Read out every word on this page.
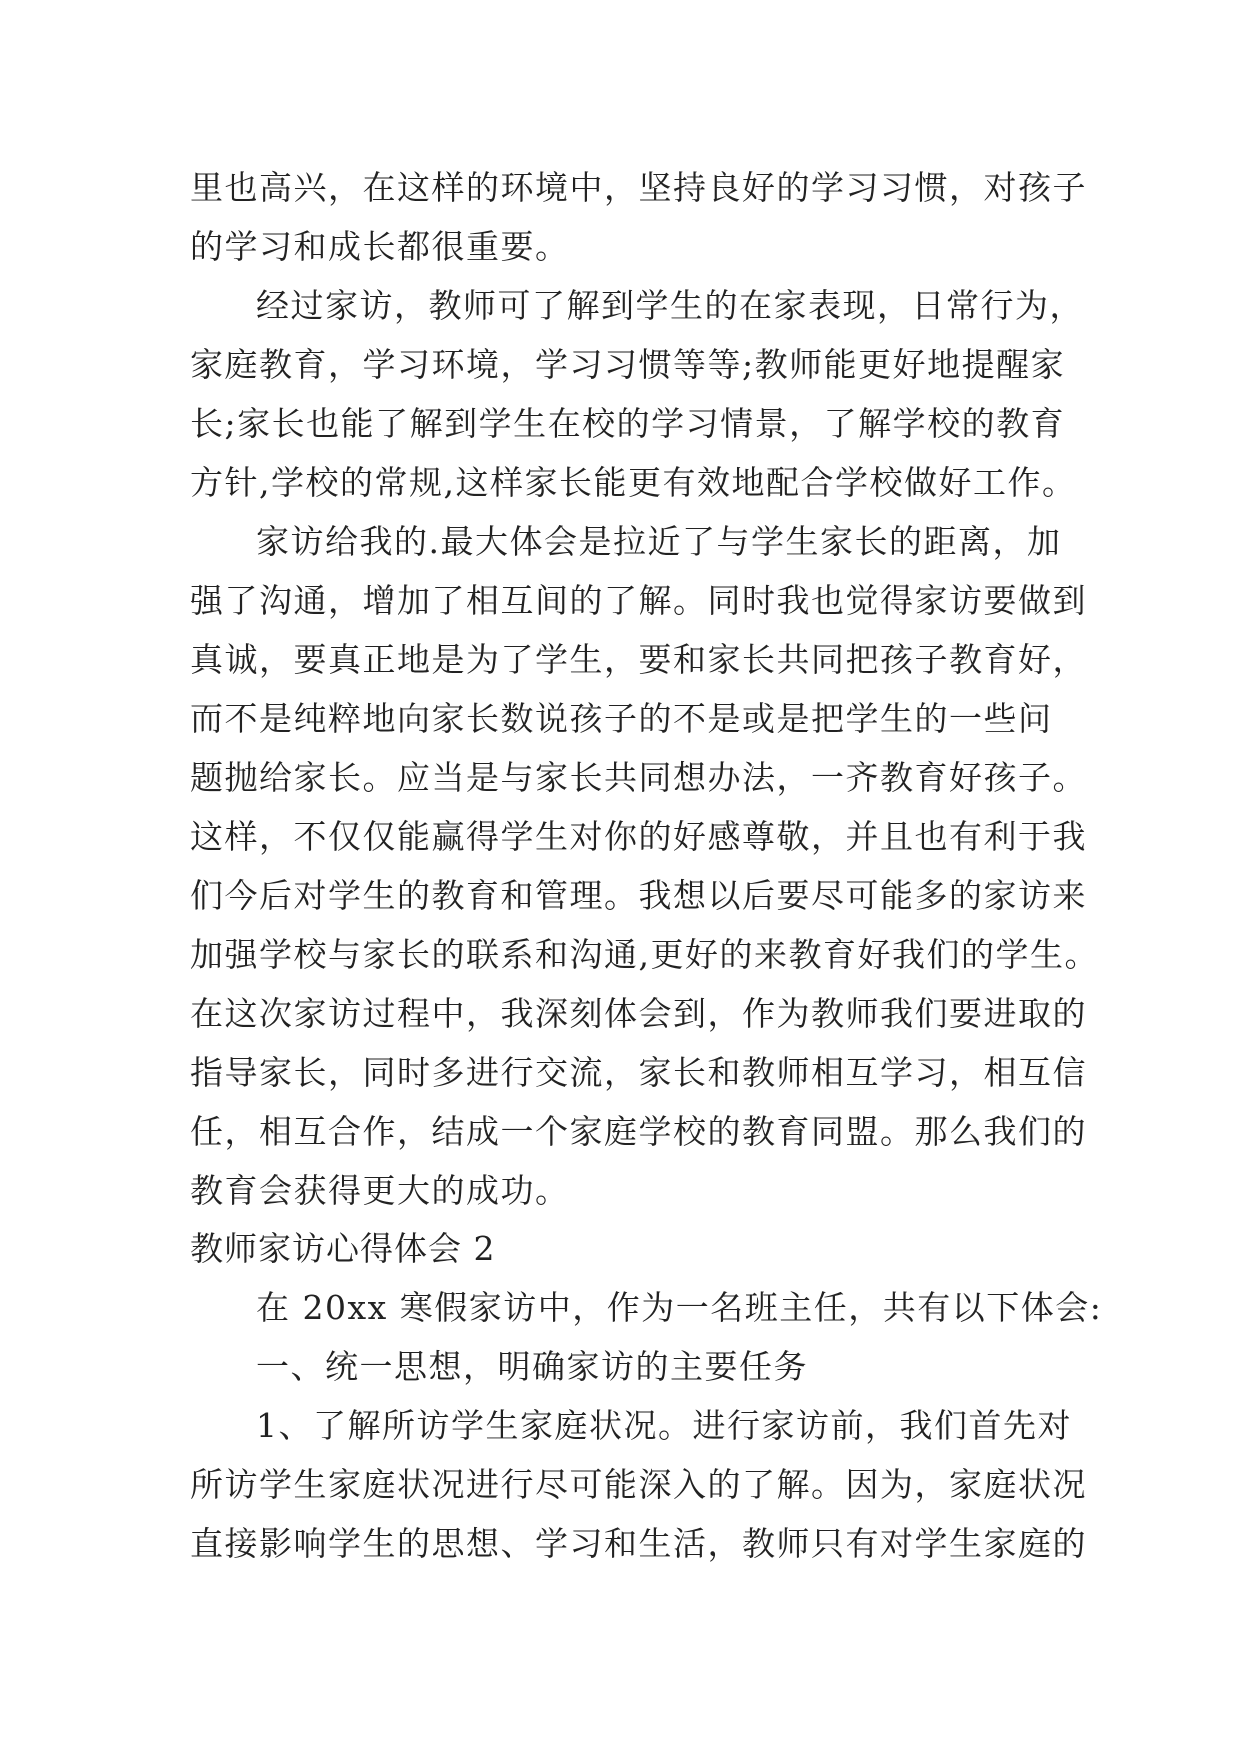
里也高兴，在这样的环境中，坚持良好的学习习惯，对孩子
的学习和成长都很重要。
经过家访，教师可了解到学生的在家表现，日常行为，
家庭教育，学习环境，学习习惯等等;教师能更好地提醒家
长;家长也能了解到学生在校的学习情景，了解学校的教育
方针,学校的常规,这样家长能更有效地配合学校做好工作。
家访给我的.最大体会是拉近了与学生家长的距离，加
强了沟通，增加了相互间的了解。同时我也觉得家访要做到
真诚，要真正地是为了学生，要和家长共同把孩子教育好，
而不是纯粹地向家长数说孩子的不是或是把学生的一些问
题抛给家长。应当是与家长共同想办法，一齐教育好孩子。
这样，不仅仅能赢得学生对你的好感尊敬，并且也有利于我
们今后对学生的教育和管理。我想以后要尽可能多的家访来
加强学校与家长的联系和沟通,更好的来教育好我们的学生。
在这次家访过程中，我深刻体会到，作为教师我们要进取的
指导家长，同时多进行交流，家长和教师相互学习，相互信
任，相互合作，结成一个家庭学校的教育同盟。那么我们的
教育会获得更大的成功。
教师家访心得体会 2
在 20xx 寒假家访中，作为一名班主任，共有以下体会:
一、统一思想，明确家访的主要任务
1、了解所访学生家庭状况。进行家访前，我们首先对
所访学生家庭状况进行尽可能深入的了解。因为，家庭状况
直接影响学生的思想、学习和生活，教师只有对学生家庭的
